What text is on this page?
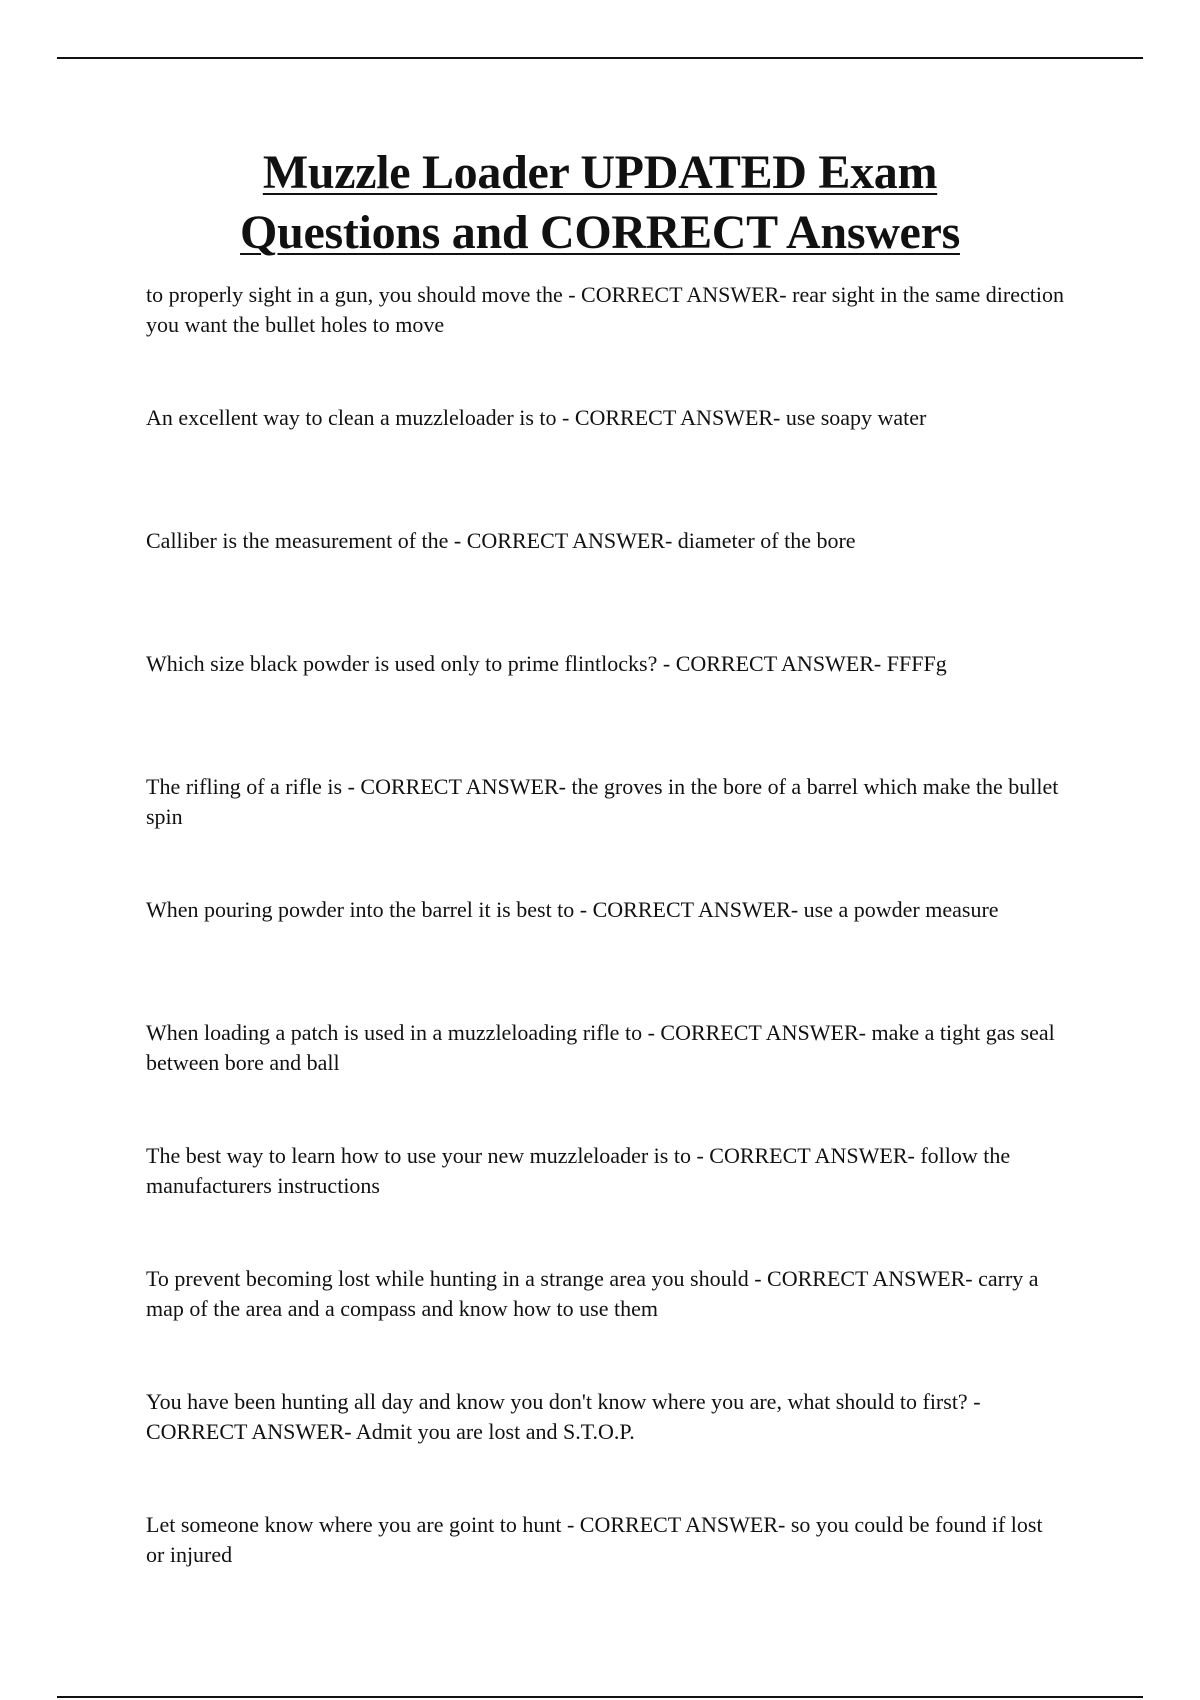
Muzzle Loader UPDATED Exam
Questions and CORRECT Answers
to properly sight in a gun, you should move the - CORRECT ANSWER- rear sight in the same direction you want the bullet holes to move
An excellent way to clean a muzzleloader is to - CORRECT ANSWER- use soapy water
Calliber is the measurement of the - CORRECT ANSWER- diameter of the bore
Which size black powder is used only to prime flintlocks? - CORRECT ANSWER- FFFFg
The rifling of a rifle is - CORRECT ANSWER- the groves in the bore of a barrel which make the bullet spin
When pouring powder into the barrel it is best to - CORRECT ANSWER- use a powder measure
When loading a patch is used in a muzzleloading rifle to - CORRECT ANSWER- make a tight gas seal between bore and ball
The best way to learn how to use your new muzzleloader is to - CORRECT ANSWER- follow the manufacturers instructions
To prevent becoming lost while hunting in a strange area you should - CORRECT ANSWER- carry a map of the area and a compass and know how to use them
You have been hunting all day and know you don't know where you are, what should to first? - CORRECT ANSWER- Admit you are lost and S.T.O.P.
Let someone know where you are goint to hunt - CORRECT ANSWER- so you could be found if lost or injured
